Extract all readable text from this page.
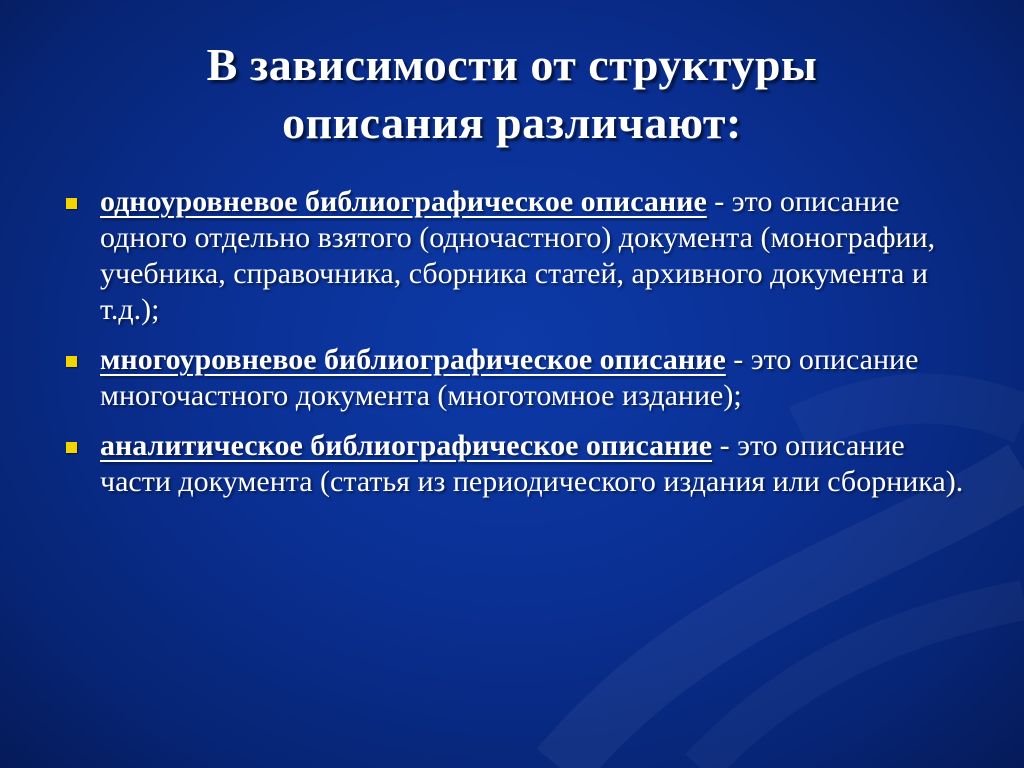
В зависимости от структуры
описания различают:
одноуровневое библиографическое описание - это описание одного отдельно взятого (одночастного) документа (монографии, учебника, справочника, сборника статей, архивного документа и т.д.);
многоуровневое библиографическое описание - это описание многочастного документа (многотомное издание);
аналитическое библиографическое описание - это описание части документа (статья из периодического издания или сборника).
